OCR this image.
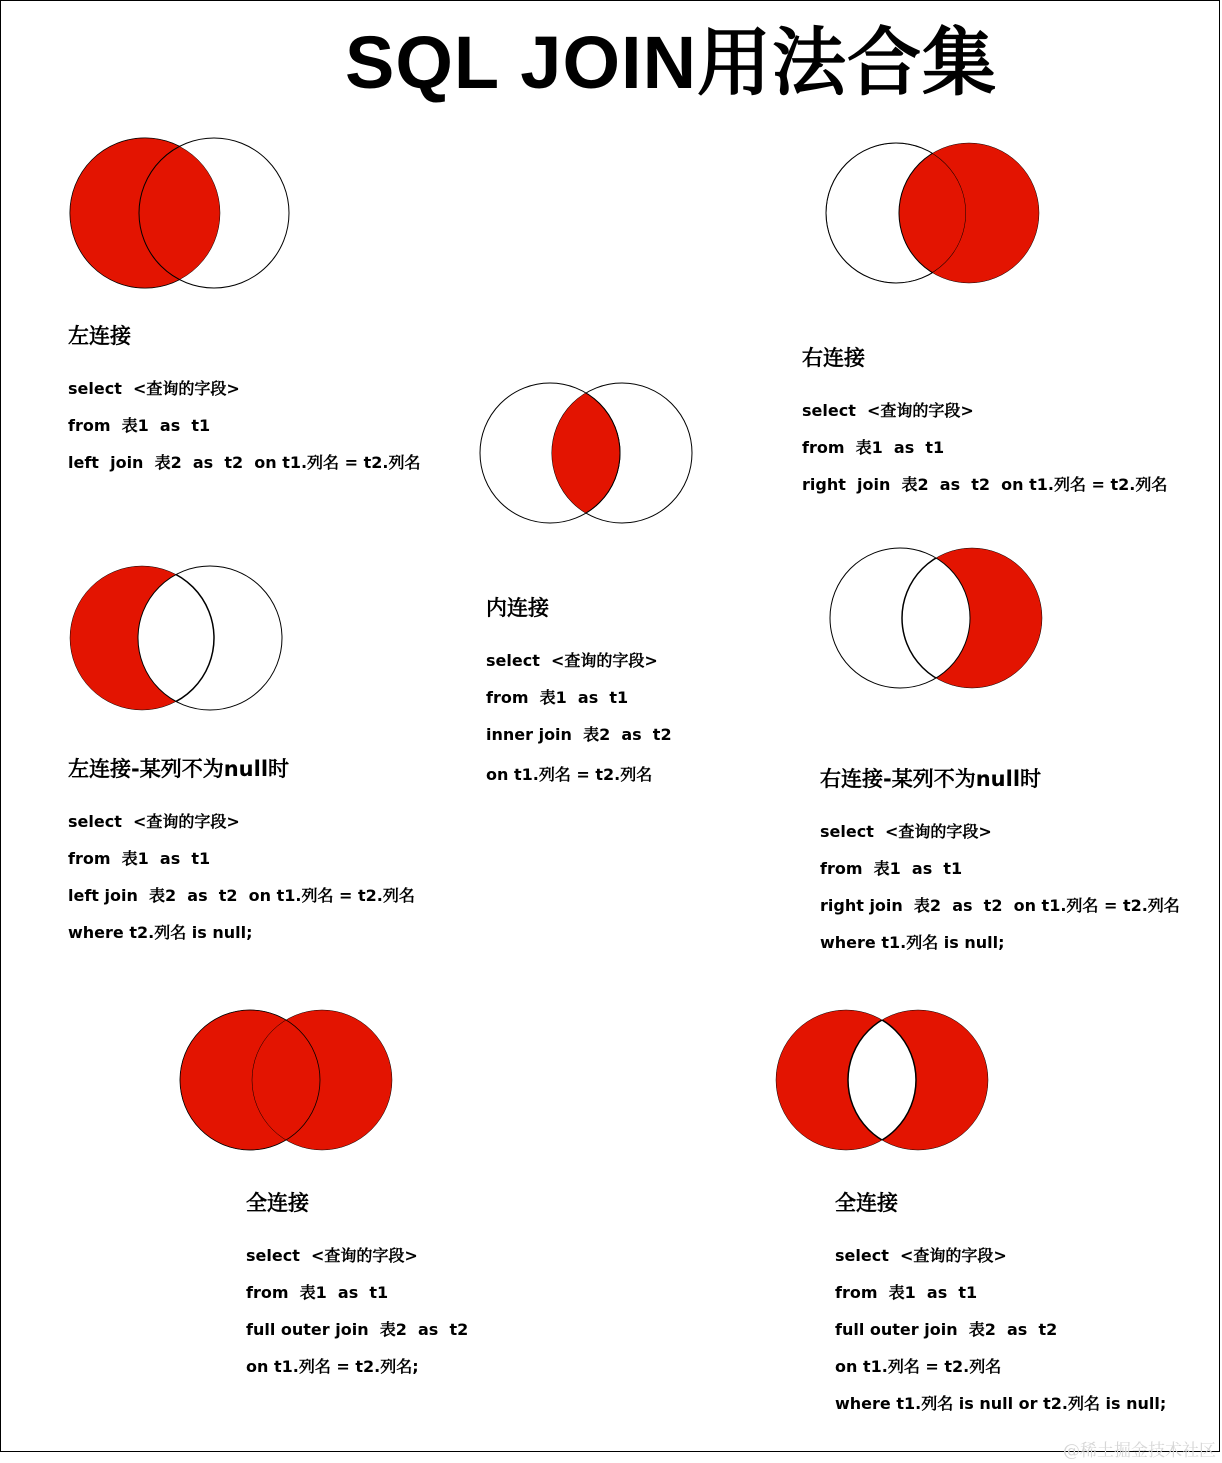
SQL JOIN用法合集
左连接
select  <查询的字段>
from  表1  as  t1
left  join  表2  as  t2  on t1.列名 = t2.列名
右连接
select  <查询的字段>
from  表1  as  t1
right  join  表2  as  t2  on t1.列名 = t2.列名
内连接
select  <查询的字段>
from  表1  as  t1
inner join  表2  as  t2
on t1.列名 = t2.列名
左连接-某列不为null时
select  <查询的字段>
from  表1  as  t1
left join  表2  as  t2  on t1.列名 = t2.列名
where t2.列名 is null;
右连接-某列不为null时
select  <查询的字段>
from  表1  as  t1
right join  表2  as  t2  on t1.列名 = t2.列名
where t1.列名 is null;
全连接
select  <查询的字段>
from  表1  as  t1
full outer join  表2  as  t2
on t1.列名 = t2.列名;
全连接
select  <查询的字段>
from  表1  as  t1
full outer join  表2  as  t2
on t1.列名 = t2.列名
where t1.列名 is null or t2.列名 is null;
@稀土掘金技术社区
